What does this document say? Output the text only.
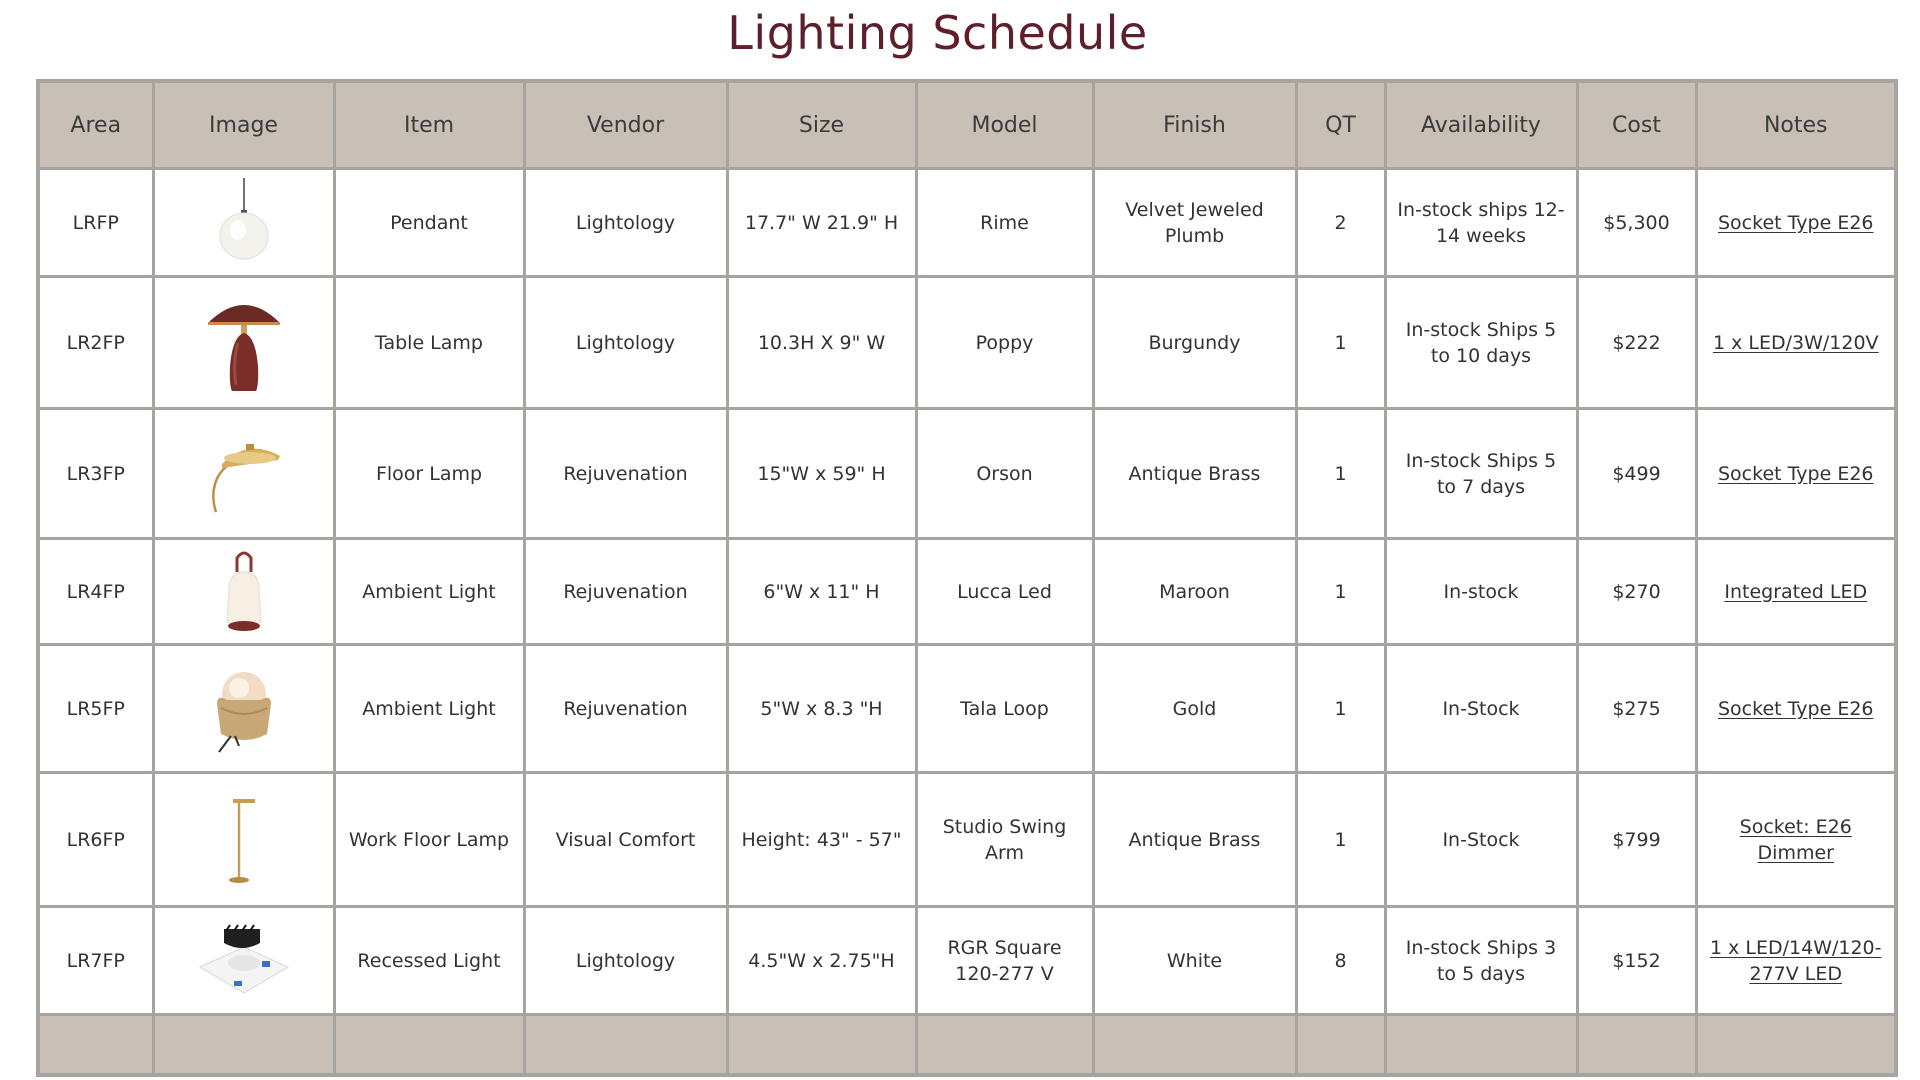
Lighting Schedule
Area	Image	Item	Vendor	Size	Model	Finish	QT	Availability	Cost	Notes
LRFP		Pendant	Lightology	17.7" W 21.9" H	Rime	Velvet Jeweled Plumb	2	In-stock ships 12-14 weeks	$5,300	Socket Type E26
LR2FP		Table Lamp	Lightology	10.3H X 9" W	Poppy	Burgundy	1	In-stock Ships 5 to 10 days	$222	1 x LED/3W/120V
LR3FP		Floor Lamp	Rejuvenation	15"W x 59" H	Orson	Antique Brass	1	In-stock Ships 5 to 7 days	$499	Socket Type E26
LR4FP		Ambient Light	Rejuvenation	6"W x 11" H	Lucca Led	Maroon	1	In-stock	$270	Integrated LED
LR5FP		Ambient Light	Rejuvenation	5"W x 8.3 "H	Tala Loop	Gold	1	In-Stock	$275	Socket Type E26
LR6FP		Work Floor Lamp	Visual Comfort	Height: 43" - 57"	Studio Swing Arm	Antique Brass	1	In-Stock	$799	Socket: E26 Dimmer
LR7FP		Recessed Light	Lightology	4.5"W x 2.75"H	RGR Square 120-277 V	White	8	In-stock Ships 3 to 5 days	$152	1 x LED/14W/120-277V LED
